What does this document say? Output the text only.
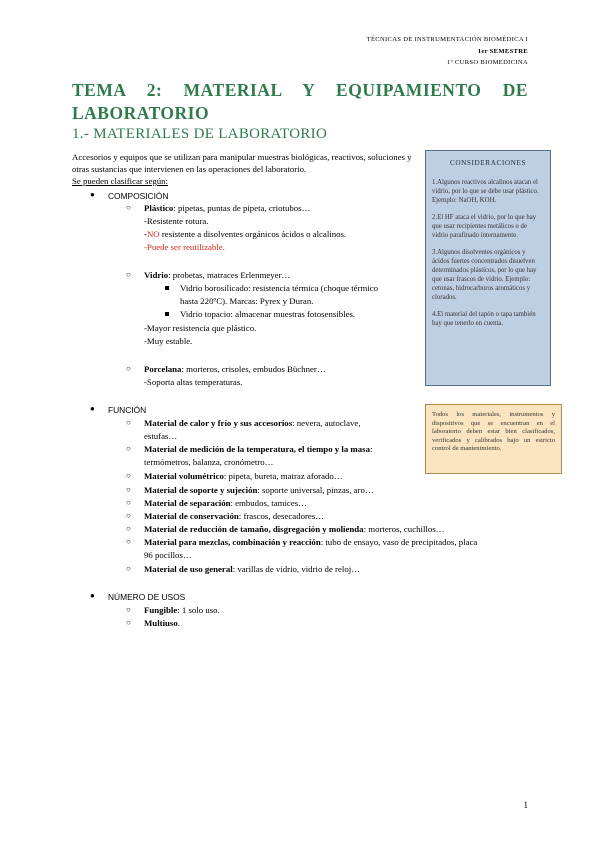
TÉCNICAS DE INSTRUMENTACIÓN BIOMÉDICA I
1er SEMESTRE
1º CURSO BIOMEDICINA
TEMA 2: MATERIAL Y EQUIPAMIENTO DE
LABORATORIO
1.- MATERIALES DE LABORATORIO
Accesorios y equipos que se utilizan para manipular muestras biológicas, reactivos, soluciones y otras sustancias que intervienen en las operaciones del laboratorio.
Se pueden clasificar según:
● COMPOSICIÓN
○ Plástico: pipetas, puntas de pipeta, criotubos…
-Resistente rotura.
-NO resistente a disolventes orgánicos ácidos o alcalinos.
-Puede ser reutilizable.
○ Vidrio: probetas, matraces Erlenmeyer…
Vidrio borosilicado: resistencia térmica (choque térmico
hasta 220ºC). Marcas: Pyrex y Duran.
Vidrio topacio: almacenar muestras fotosensibles.
-Mayor resistencia que plástico.
-Muy estable.
○ Porcelana: morteros, crisoles, embudos Büchner…
-Soporta altas temperaturas.
● FUNCIÓN
○ Material de calor y frío y sus accesorios: nevera, autoclave,
estufas…
○ Material de medición de la temperatura, el tiempo y la masa:
termómetros, balanza, cronómetro…
○ Material volumétrico: pipeta, bureta, matraz aforado…
○ Material de soporte y sujeción: soporte universal, pinzas, aro…
○ Material de separación: embudos, tamices…
○ Material de conservación: frascos, desecadores…
○ Material de reducción de tamaño, disgregación y molienda: morteros, cuchillos…
○ Material para mezclas, combinación y reacción: tubo de ensayo, vaso de precipitados, placa
96 pocillos…
○ Material de uso general: varillas de vidrio, vidrio de reloj…
● NÚMERO DE USOS
○ Fungible: 1 solo uso.
○ Multiuso.
CONSIDERACIONES

1.Algunos reactivos alcalinos atacan el vidrio, por lo que se debe usar plástico. Ejemplo: NaOH, KOH.

2.El HF ataca el vidrio, por lo que hay que usar recipientes metálicos o de vidrio parafinado internamente.

3.Algunos disolventes orgánicos y ácidos fuertes concentrados disuelven determinados plásticos, por lo que hay que usar frascos de vidrio. Ejemplo: cetonas, hidrocarburos aromáticos y clorados.

4.El material del tapón o tapa también hay que tenerlo en cuenta.

Todos los materiales, instrumentos y dispositivos que se encuentran en el laboratorio deben estar bien clasificados, verificados y calibrados bajo un estricto control de mantenimiento.
1
